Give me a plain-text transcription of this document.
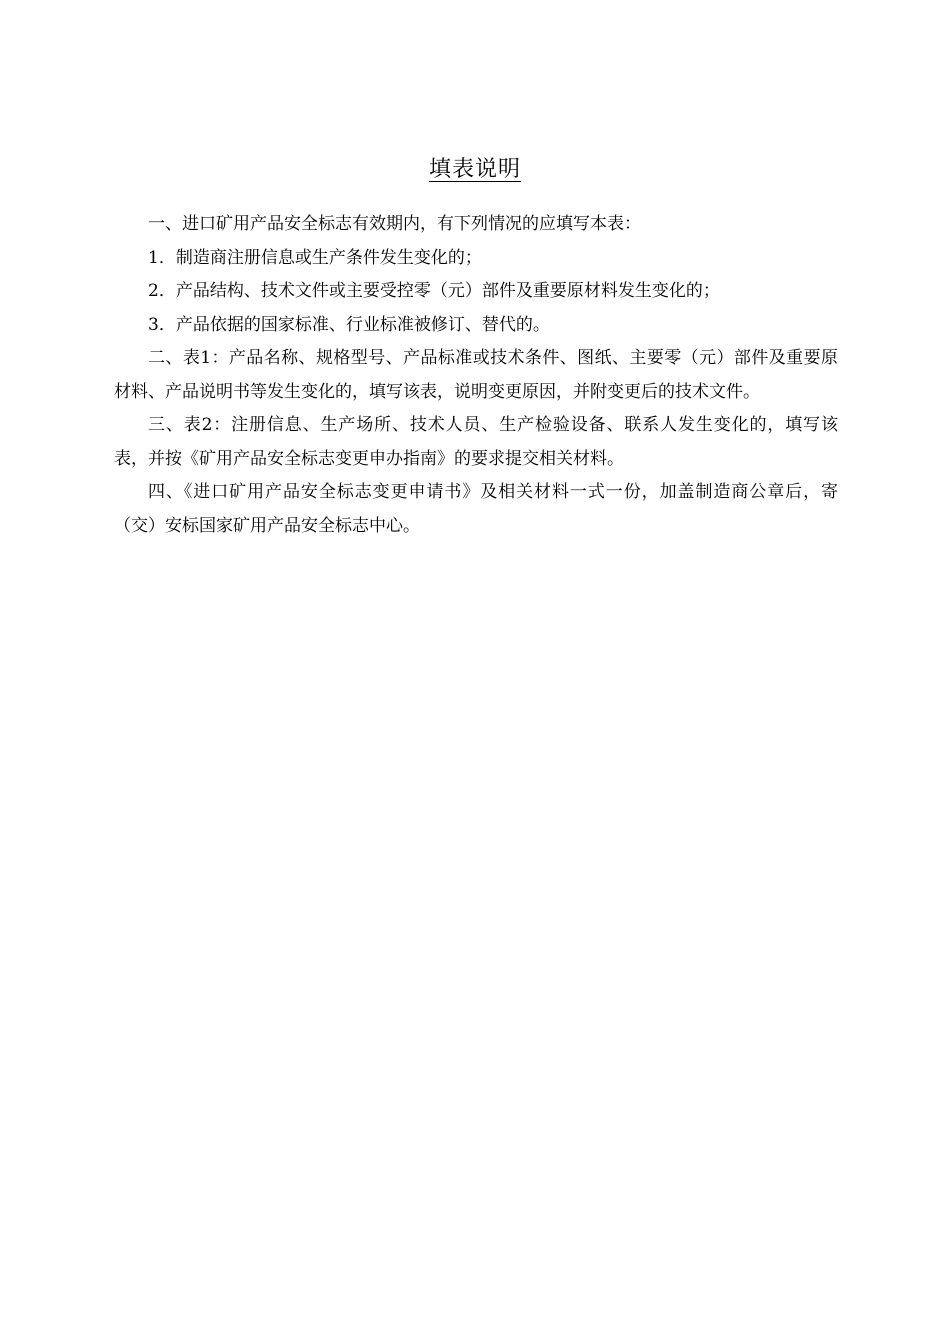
填表说明

一、进口矿用产品安全标志有效期内，有下列情况的应填写本表：

1．制造商注册信息或生产条件发生变化的；

2．产品结构、技术文件或主要受控零（元）部件及重要原材料发生变化的；

3．产品依据的国家标准、行业标准被修订、替代的。

二、表1：产品名称、规格型号、产品标准或技术条件、图纸、主要零（元）部件及重要原材料、产品说明书等发生变化的，填写该表，说明变更原因，并附变更后的技术文件。

三、表2：注册信息、生产场所、技术人员、生产检验设备、联系人发生变化的，填写该表，并按《矿用产品安全标志变更申办指南》的要求提交相关材料。

四、《进口矿用产品安全标志变更申请书》及相关材料一式一份，加盖制造商公章后，寄（交）安标国家矿用产品安全标志中心。
